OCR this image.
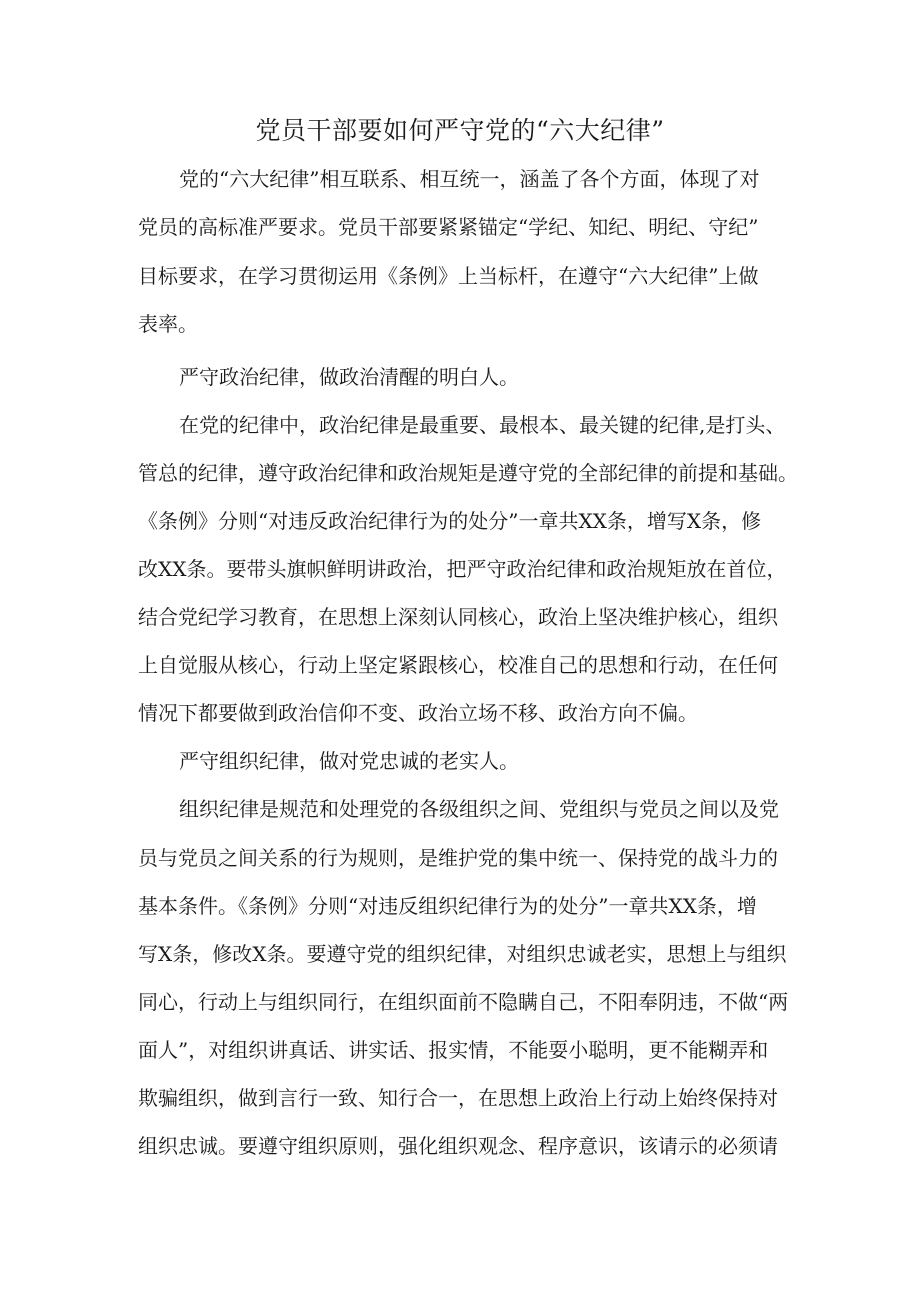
党员干部要如何严守党的“六大纪律”

党的“六大纪律”相互联系、相互统一，涵盖了各个方面，体现了对

党员的高标准严要求。党员干部要紧紧锚定“学纪、知纪、明纪、守纪”

目标要求，在学习贯彻运用《条例》上当标杆，在遵守“六大纪律”上做

表率。

严守政治纪律，做政治清醒的明白人。

在党的纪律中，政治纪律是最重要、最根本、最关键的纪律,是打头、

管总的纪律，遵守政治纪律和政治规矩是遵守党的全部纪律的前提和基础。

《条例》分则“对违反政治纪律行为的处分”一章共XX条，增写X条，修

改XX条。要带头旗帜鲜明讲政治，把严守政治纪律和政治规矩放在首位，

结合党纪学习教育，在思想上深刻认同核心，政治上坚决维护核心，组织

上自觉服从核心，行动上坚定紧跟核心，校准自己的思想和行动，在任何

情况下都要做到政治信仰不变、政治立场不移、政治方向不偏。

严守组织纪律，做对党忠诚的老实人。

组织纪律是规范和处理党的各级组织之间、党组织与党员之间以及党

员与党员之间关系的行为规则，是维护党的集中统一、保持党的战斗力的

基本条件。《条例》分则“对违反组织纪律行为的处分”一章共XX条，增

写X条，修改X条。要遵守党的组织纪律，对组织忠诚老实，思想上与组织

同心，行动上与组织同行，在组织面前不隐瞒自己，不阳奉阴违，不做“两

面人”，对组织讲真话、讲实话、报实情，不能耍小聪明，更不能糊弄和

欺骗组织，做到言行一致、知行合一，在思想上政治上行动上始终保持对

组织忠诚。要遵守组织原则，强化组织观念、程序意识，该请示的必须请
